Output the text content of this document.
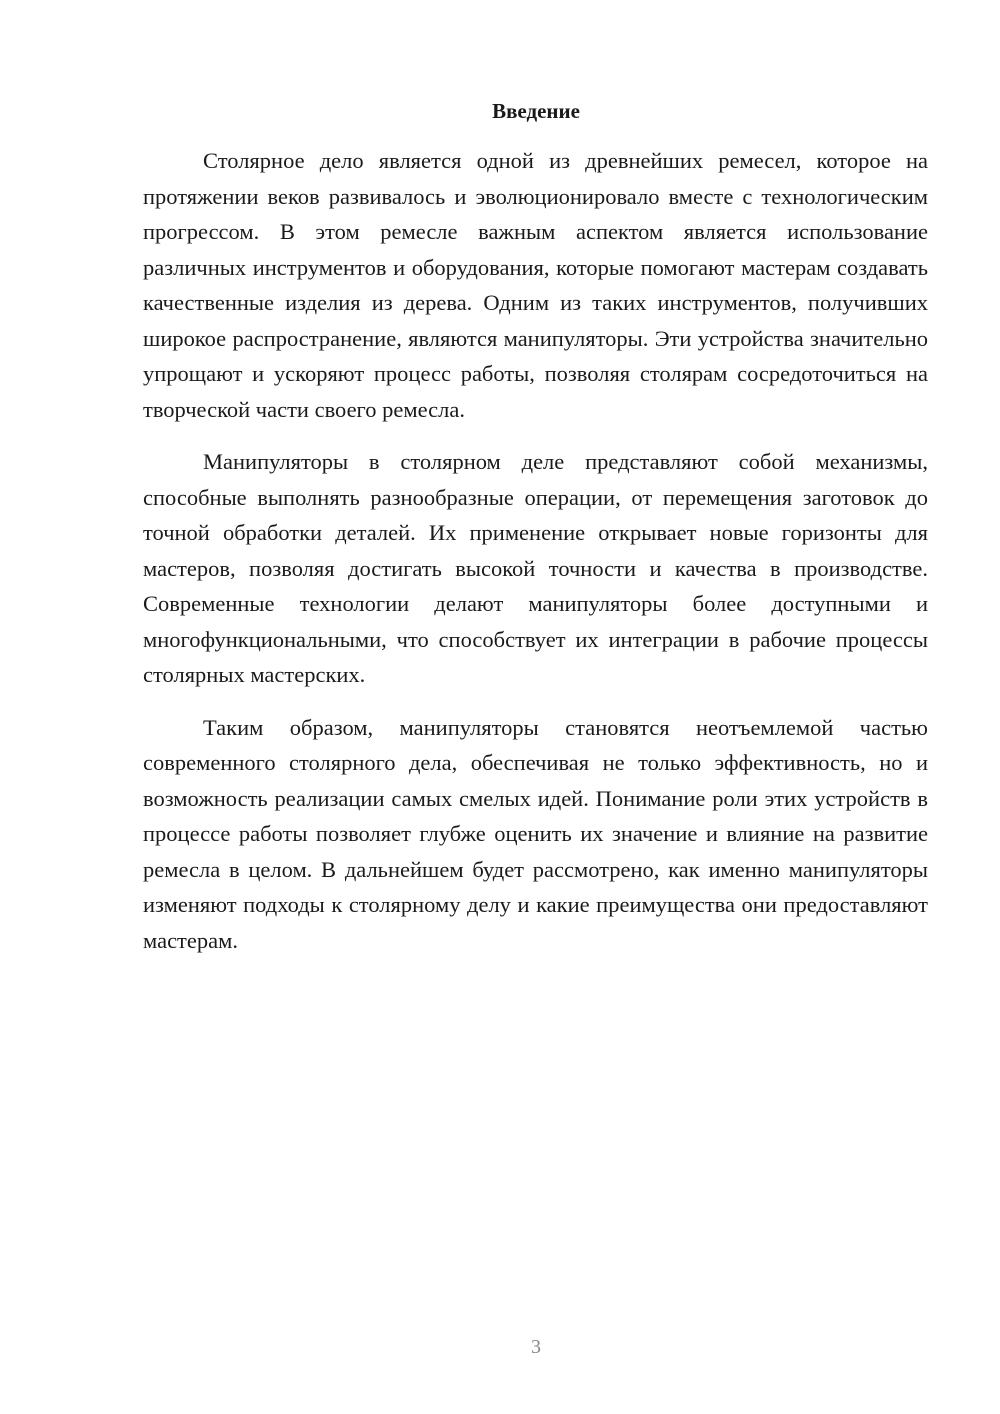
Введение

Столярное дело является одной из древнейших ремесел, которое на протяжении веков развивалось и эволюционировало вместе с технологическим прогрессом. В этом ремесле важным аспектом является использование различных инструментов и оборудования, которые помогают мастерам создавать качественные изделия из дерева. Одним из таких инструментов, получивших широкое распространение, являются манипуляторы. Эти устройства значительно упрощают и ускоряют процесс работы, позволяя столярам сосредоточиться на творческой части своего ремесла.

Манипуляторы в столярном деле представляют собой механизмы, способные выполнять разнообразные операции, от перемещения заготовок до точной обработки деталей. Их применение открывает новые горизонты для мастеров, позволяя достигать высокой точности и качества в производстве. Современные технологии делают манипуляторы более доступными и многофункциональными, что способствует их интеграции в рабочие процессы столярных мастерских.

Таким образом, манипуляторы становятся неотъемлемой частью современного столярного дела, обеспечивая не только эффективность, но и возможность реализации самых смелых идей. Понимание роли этих устройств в процессе работы позволяет глубже оценить их значение и влияние на развитие ремесла в целом. В дальнейшем будет рассмотрено, как именно манипуляторы изменяют подходы к столярному делу и какие преимущества они предоставляют мастерам.

3
